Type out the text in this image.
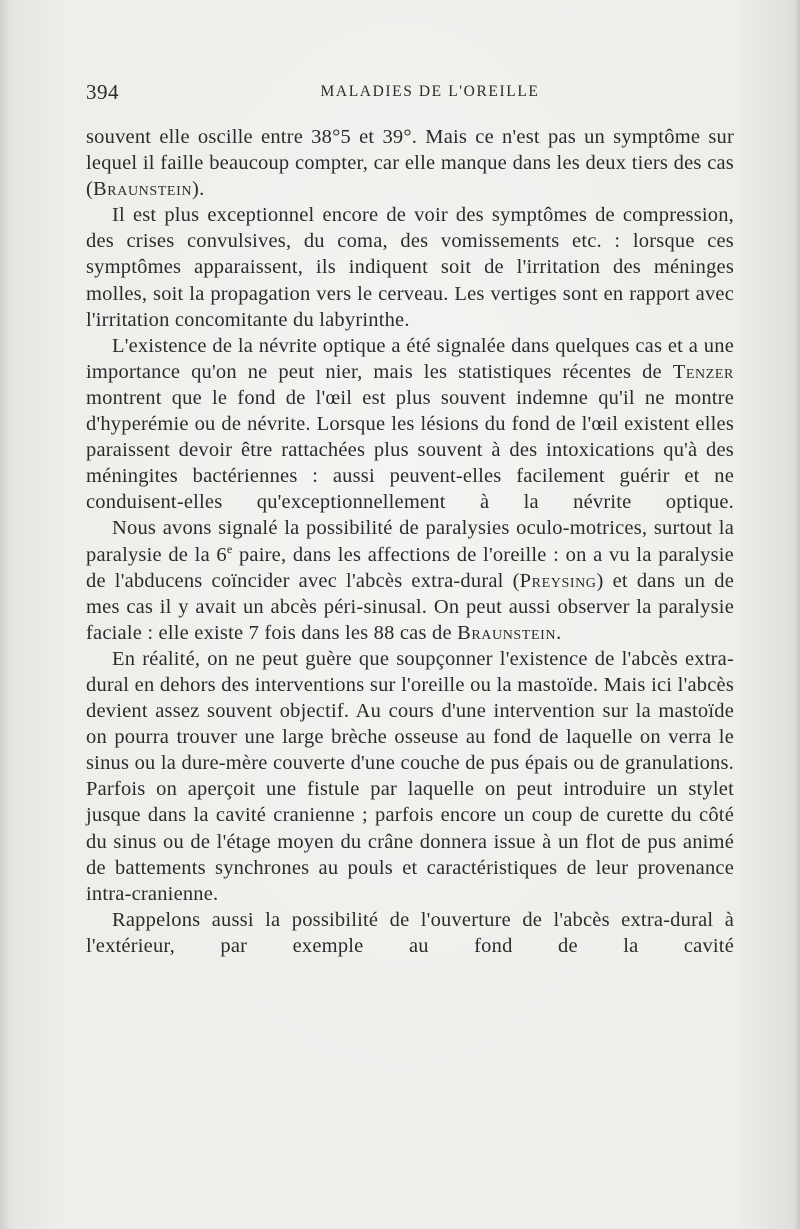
394	MALADIES DE L'OREILLE

souvent elle oscille entre 38°5 et 39°. Mais ce n'est pas un symptôme sur lequel il faille beaucoup compter, car elle manque dans les deux tiers des cas (Braunstein).

Il est plus exceptionnel encore de voir des symptômes de compression, des crises convulsives, du coma, des vomissements etc. : lorsque ces symptômes apparaissent, ils indiquent soit de l'irritation des méninges molles, soit la propagation vers le cerveau. Les vertiges sont en rapport avec l'irritation concomitante du labyrinthe.

L'existence de la névrite optique a été signalée dans quelques cas et a une importance qu'on ne peut nier, mais les statistiques récentes de Tenzer montrent que le fond de l'œil est plus souvent indemne qu'il ne montre d'hyperémie ou de névrite. Lorsque les lésions du fond de l'œil existent elles paraissent devoir être rattachées plus souvent à des intoxications qu'à des méningites bactériennes : aussi peuvent-elles facilement guérir et ne conduisent-elles qu'exceptionnellement à la névrite optique.

Nous avons signalé la possibilité de paralysies oculo-motrices, surtout la paralysie de la 6e paire, dans les affections de l'oreille : on a vu la paralysie de l'abducens coïncider avec l'abcès extra-dural (Preysing) et dans un de mes cas il y avait un abcès péri-sinusal. On peut aussi observer la paralysie faciale : elle existe 7 fois dans les 88 cas de Braunstein.

En réalité, on ne peut guère que soupçonner l'existence de l'abcès extra-dural en dehors des interventions sur l'oreille ou la mastoïde. Mais ici l'abcès devient assez souvent objectif. Au cours d'une intervention sur la mastoïde on pourra trouver une large brèche osseuse au fond de laquelle on verra le sinus ou la dure-mère couverte d'une couche de pus épais ou de granulations. Parfois on aperçoit une fistule par laquelle on peut introduire un stylet jusque dans la cavité cranienne ; parfois encore un coup de curette du côté du sinus ou de l'étage moyen du crâne donnera issue à un flot de pus animé de battements synchrones au pouls et caractéristiques de leur provenance intra-cranienne.

Rappelons aussi la possibilité de l'ouverture de l'abcès extra-dural à l'extérieur, par exemple au fond de la cavité
